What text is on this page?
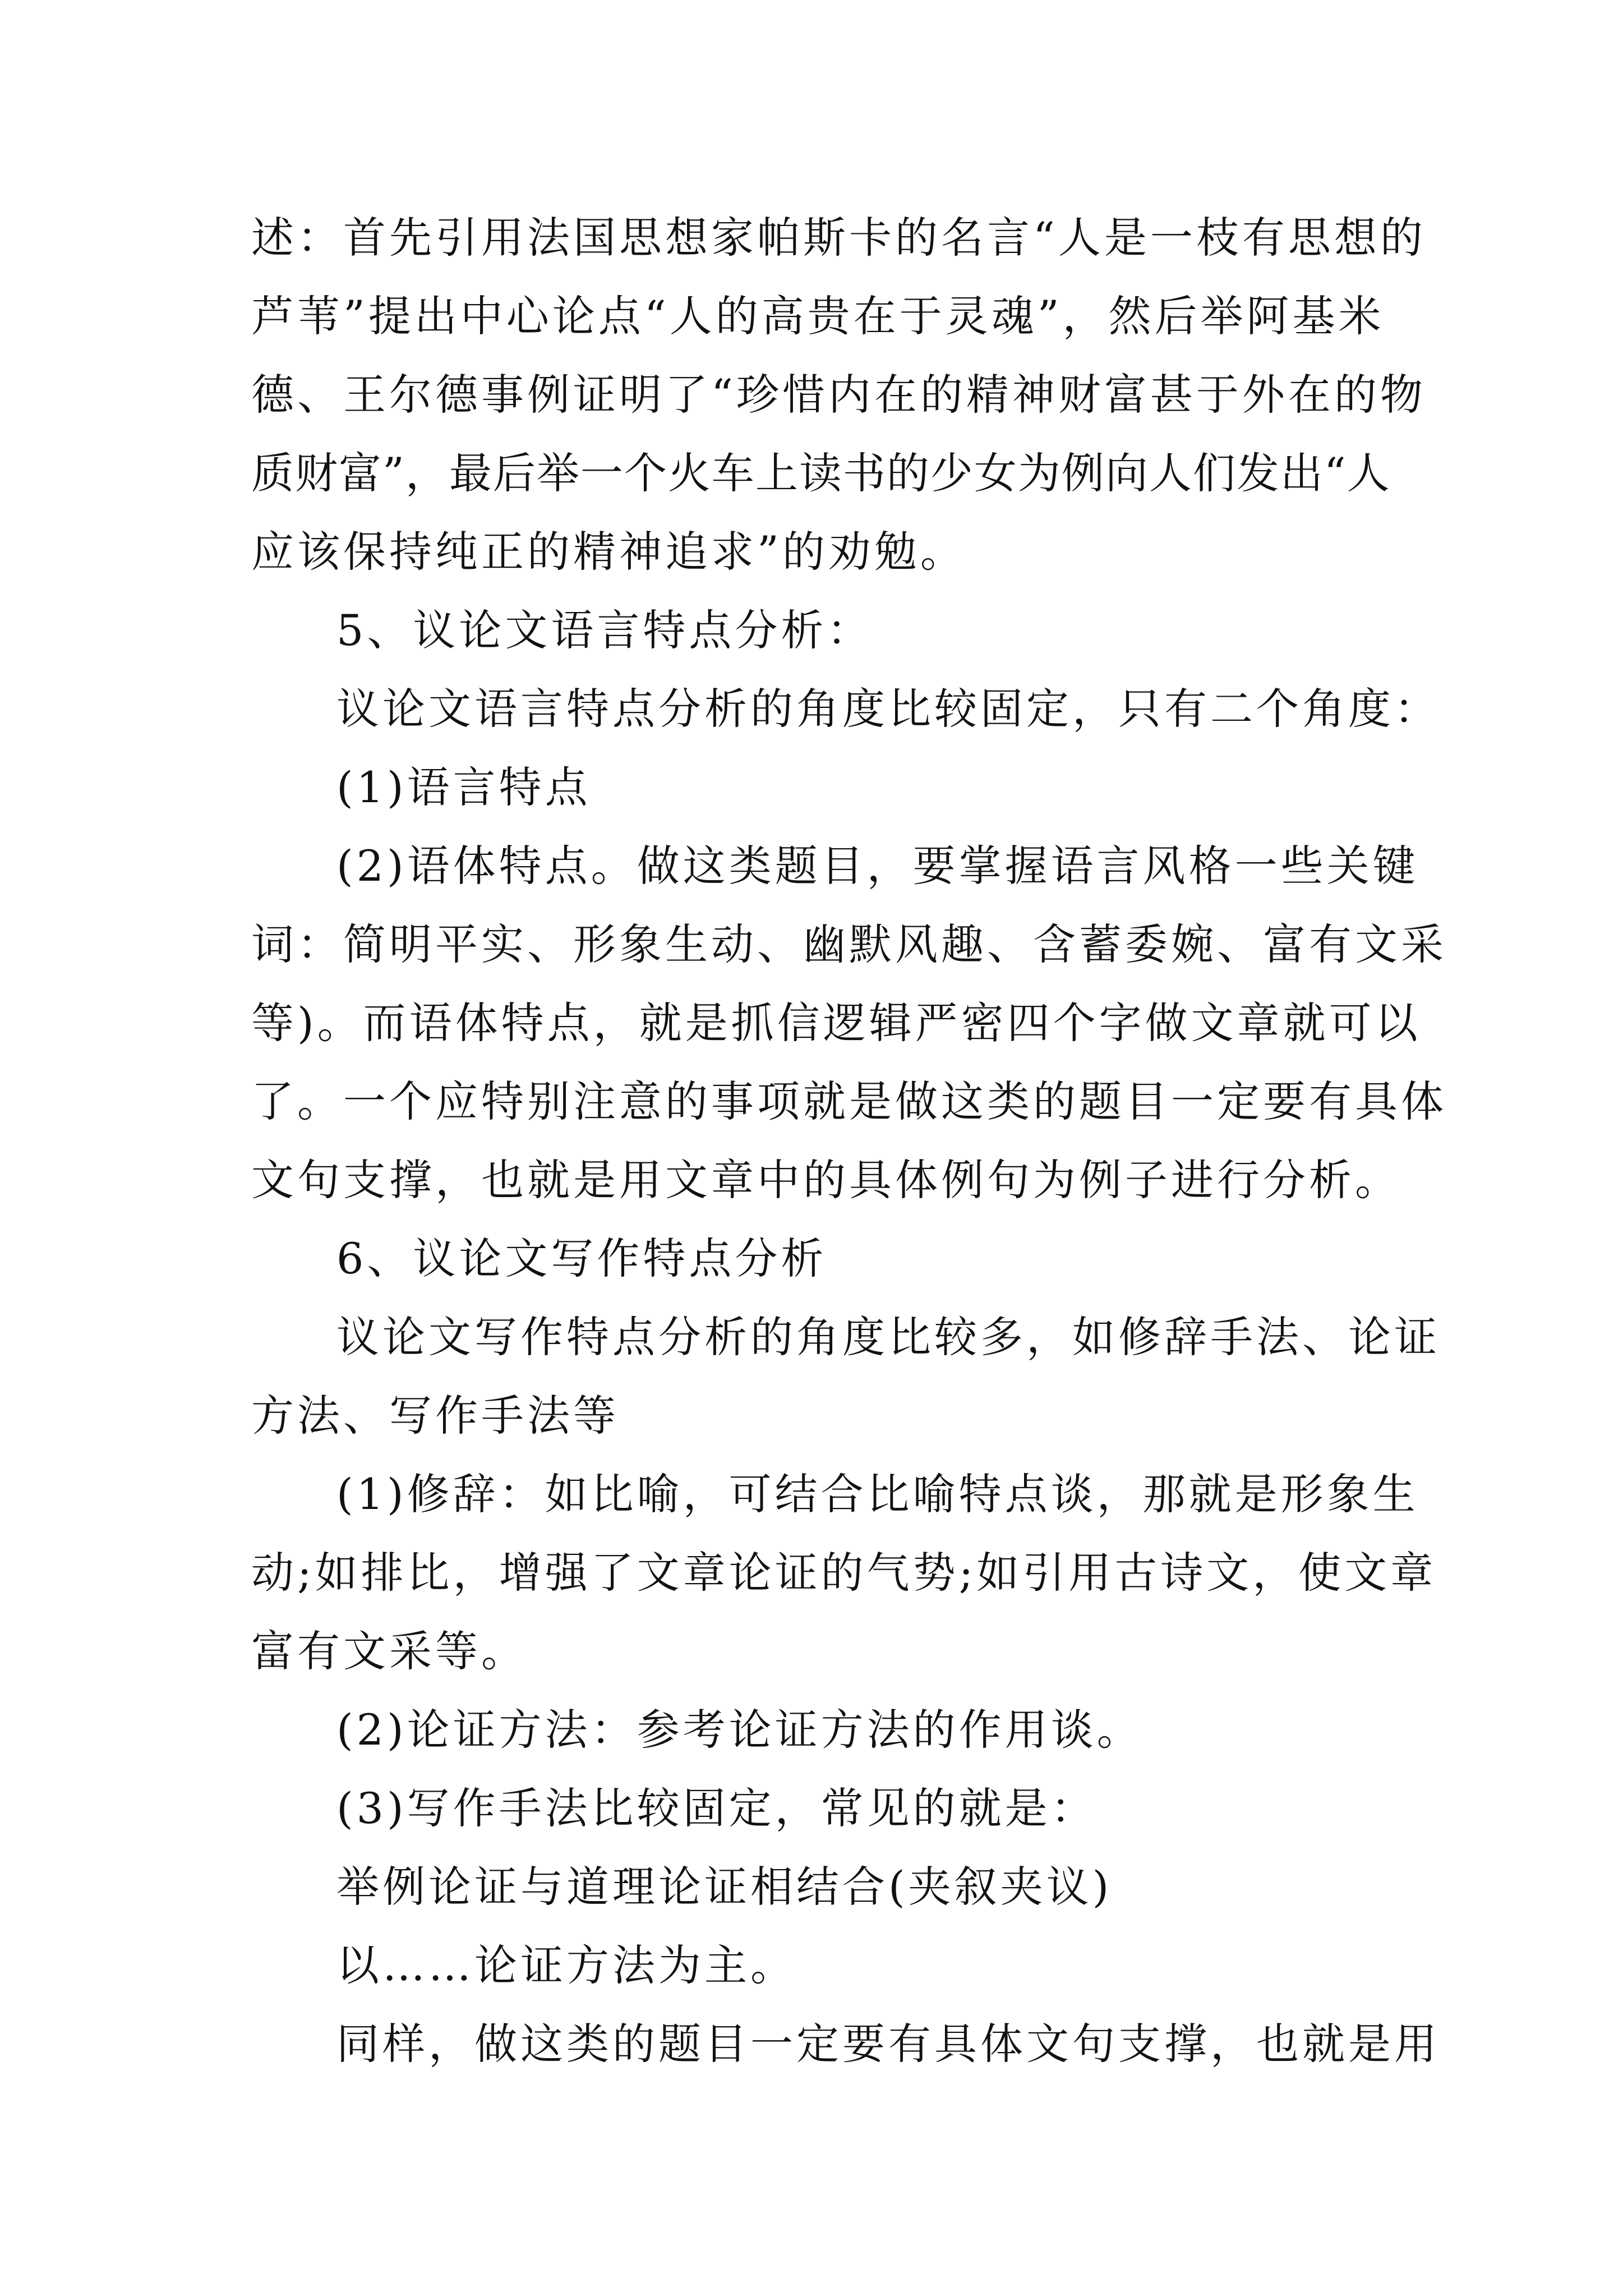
述：首先引用法国思想家帕斯卡的名言“人是一枝有思想的
芦苇”提出中心论点“人的高贵在于灵魂”，然后举阿基米
德、王尔德事例证明了“珍惜内在的精神财富甚于外在的物
质财富”，最后举一个火车上读书的少女为例向人们发出“人
应该保持纯正的精神追求”的劝勉。
5、议论文语言特点分析：
议论文语言特点分析的角度比较固定，只有二个角度：
(1)语言特点
(2)语体特点。做这类题目，要掌握语言风格一些关键
词：简明平实、形象生动、幽默风趣、含蓄委婉、富有文采
等)。而语体特点，就是抓信逻辑严密四个字做文章就可以
了。一个应特别注意的事项就是做这类的题目一定要有具体
文句支撑，也就是用文章中的具体例句为例子进行分析。
6、议论文写作特点分析
议论文写作特点分析的角度比较多，如修辞手法、论证
方法、写作手法等
(1)修辞：如比喻，可结合比喻特点谈，那就是形象生
动;如排比，增强了文章论证的气势;如引用古诗文，使文章
富有文采等。
(2)论证方法：参考论证方法的作用谈。
(3)写作手法比较固定，常见的就是：
举例论证与道理论证相结合(夹叙夹议)
以……论证方法为主。
同样，做这类的题目一定要有具体文句支撑，也就是用
